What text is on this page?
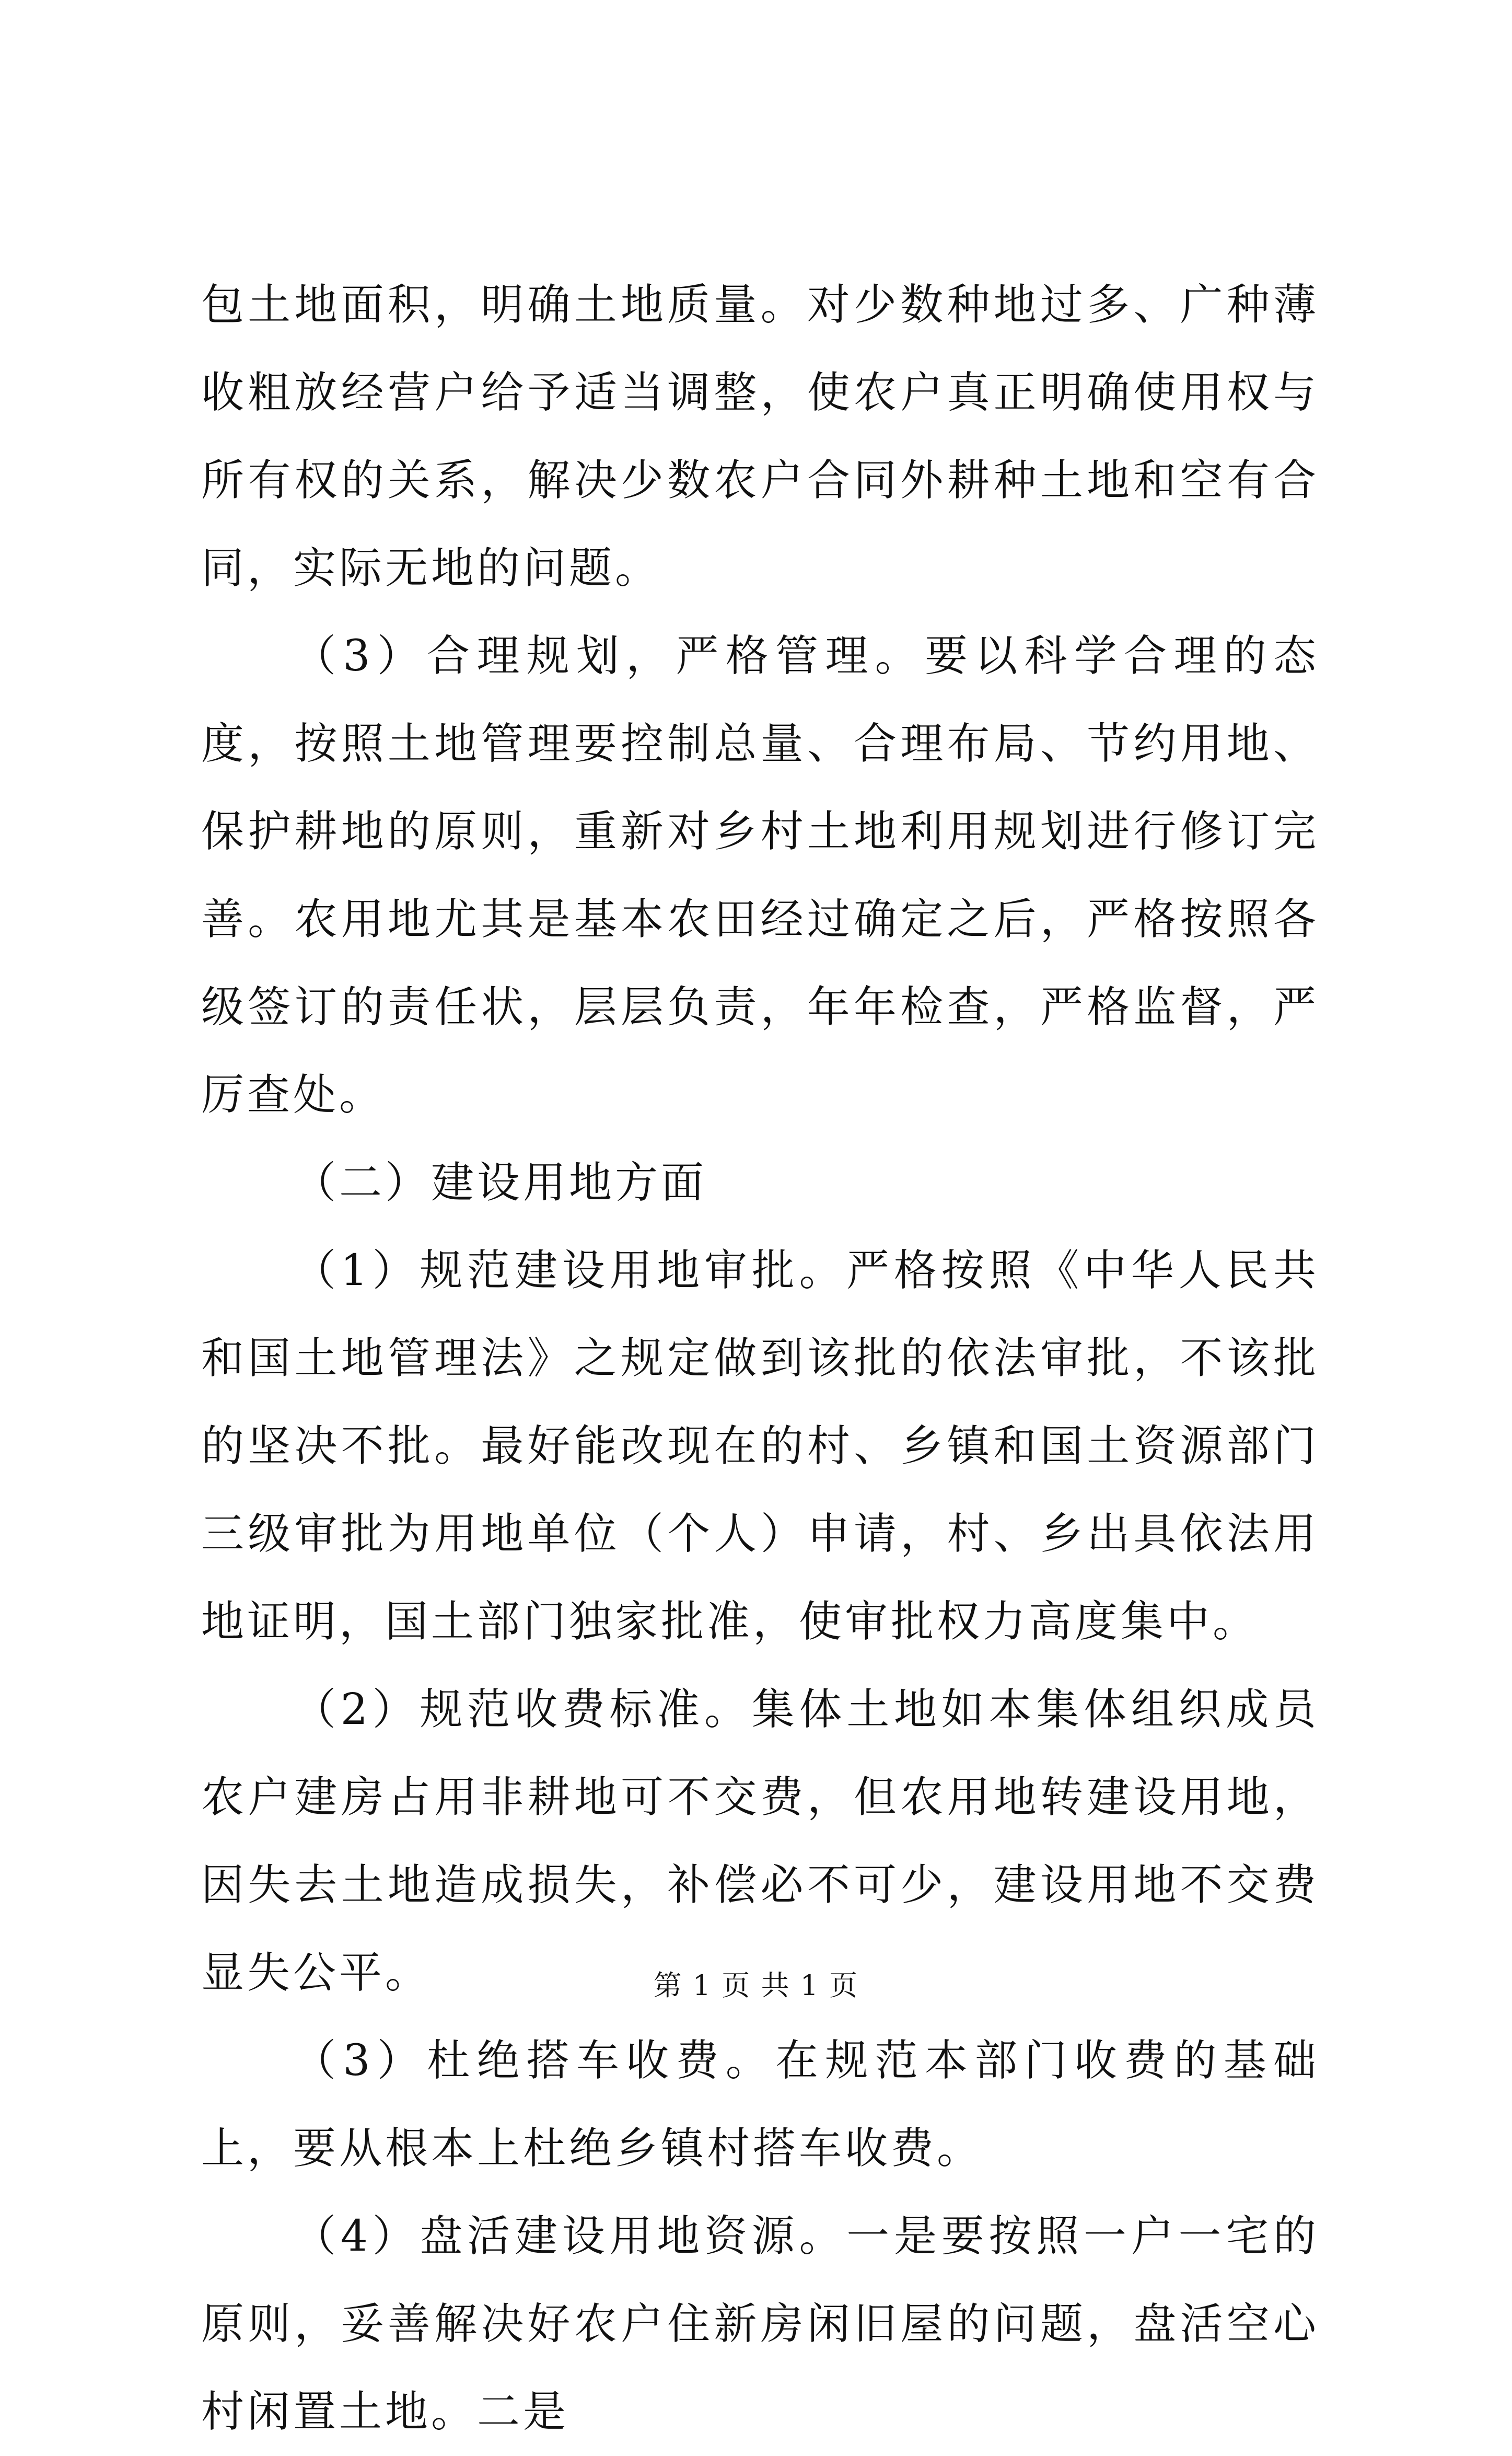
包土地面积，明确土地质量。对少数种地过多、广种薄收粗放经营户给予适当调整，使农户真正明确使用权与所有权的关系，解决少数农户合同外耕种土地和空有合同，实际无地的问题。

（3）合理规划，严格管理。要以科学合理的态度，按照土地管理要控制总量、合理布局、节约用地、保护耕地的原则，重新对乡村土地利用规划进行修订完善。农用地尤其是基本农田经过确定之后，严格按照各级签订的责任状，层层负责，年年检查，严格监督，严厉查处。

（二）建设用地方面

（1）规范建设用地审批。严格按照《中华人民共和国土地管理法》之规定做到该批的依法审批，不该批的坚决不批。最好能改现在的村、乡镇和国土资源部门三级审批为用地单位（个人）申请，村、乡出具依法用地证明，国土部门独家批准，使审批权力高度集中。

（2）规范收费标准。集体土地如本集体组织成员农户建房占用非耕地可不交费，但农用地转建设用地，因失去土地造成损失，补偿必不可少，建设用地不交费显失公平。

（3）杜绝搭车收费。在规范本部门收费的基础上，要从根本上杜绝乡镇村搭车收费。

（4）盘活建设用地资源。一是要按照一户一宅的原则，妥善解决好农户住新房闲旧屋的问题，盘活空心村闲置土地。二是

第 1 页 共 1 页
